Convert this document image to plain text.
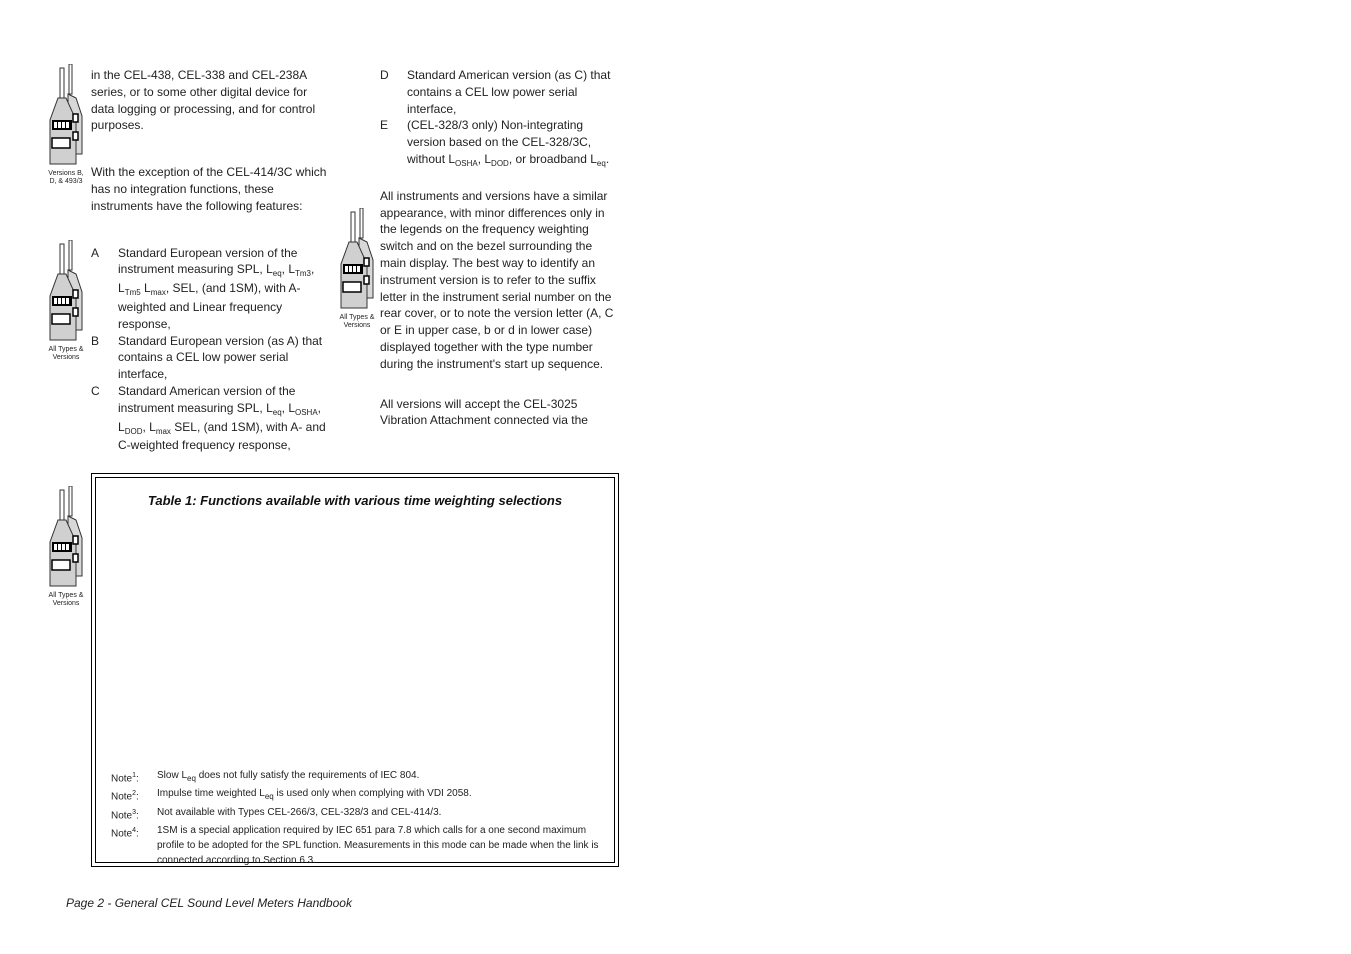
Versions B, D, & 493/3
All Types & Versions
All Types & Versions
All Types & Versions

in the CEL-438, CEL-338 and CEL-238A series, or to some other digital device for data logging or processing, and for control purposes.

With the exception of the CEL-414/3C which has no integration functions, these instruments have the following features:

A	Standard European version of the instrument measuring SPL, $L_{eq}$, $L_{Tm3}$, $L_{Tm5}$ $L_{max}$, SEL, (and 1SM), with A-weighted and Linear frequency response,
B	Standard European version (as A) that contains a CEL low power serial interface,
C	Standard American version of the instrument measuring SPL, $L_{eq}$, $L_{OSHA}$, $L_{DOD}$, $L_{max}$ SEL, (and 1SM), with A- and C-weighted frequency response,
D	Standard American version (as C) that contains a CEL low power serial interface,
E	(CEL-328/3 only) Non-integrating version based on the CEL-328/3C, without $L_{OSHA}$, $L_{DOD}$, or broadband $L_{eq}$.

All instruments and versions have a similar appearance, with minor differences only in the legends on the frequency weighting switch and on the bezel surrounding the main display. The best way to identify an instrument version is to refer to the suffix letter in the instrument serial number on the rear cover, or to note the version letter (A, C or E in upper case, b or d in lower case) displayed together with the type number during the instrument's start up sequence.

All versions will accept the CEL-3025 Vibration Attachment connected via the

Table 1: Functions available with various time weighting selections
Note$^1$:	Slow $L_{eq}$ does not fully satisfy the requirements of IEC 804.
Note$^2$:	Impulse time weighted $L_{eq}$ is used only when complying with VDI 2058.
Note$^3$:	Not available with Types CEL-266/3, CEL-328/3 and CEL-414/3.
Note$^4$:	1SM is a special application required by IEC 651 para 7.8 which calls for a one second maximum profile to be adopted for the SPL function. Measurements in this mode can be made when the link is connected according to Section 6.3.
Page 2 - General CEL Sound Level Meters Handbook
